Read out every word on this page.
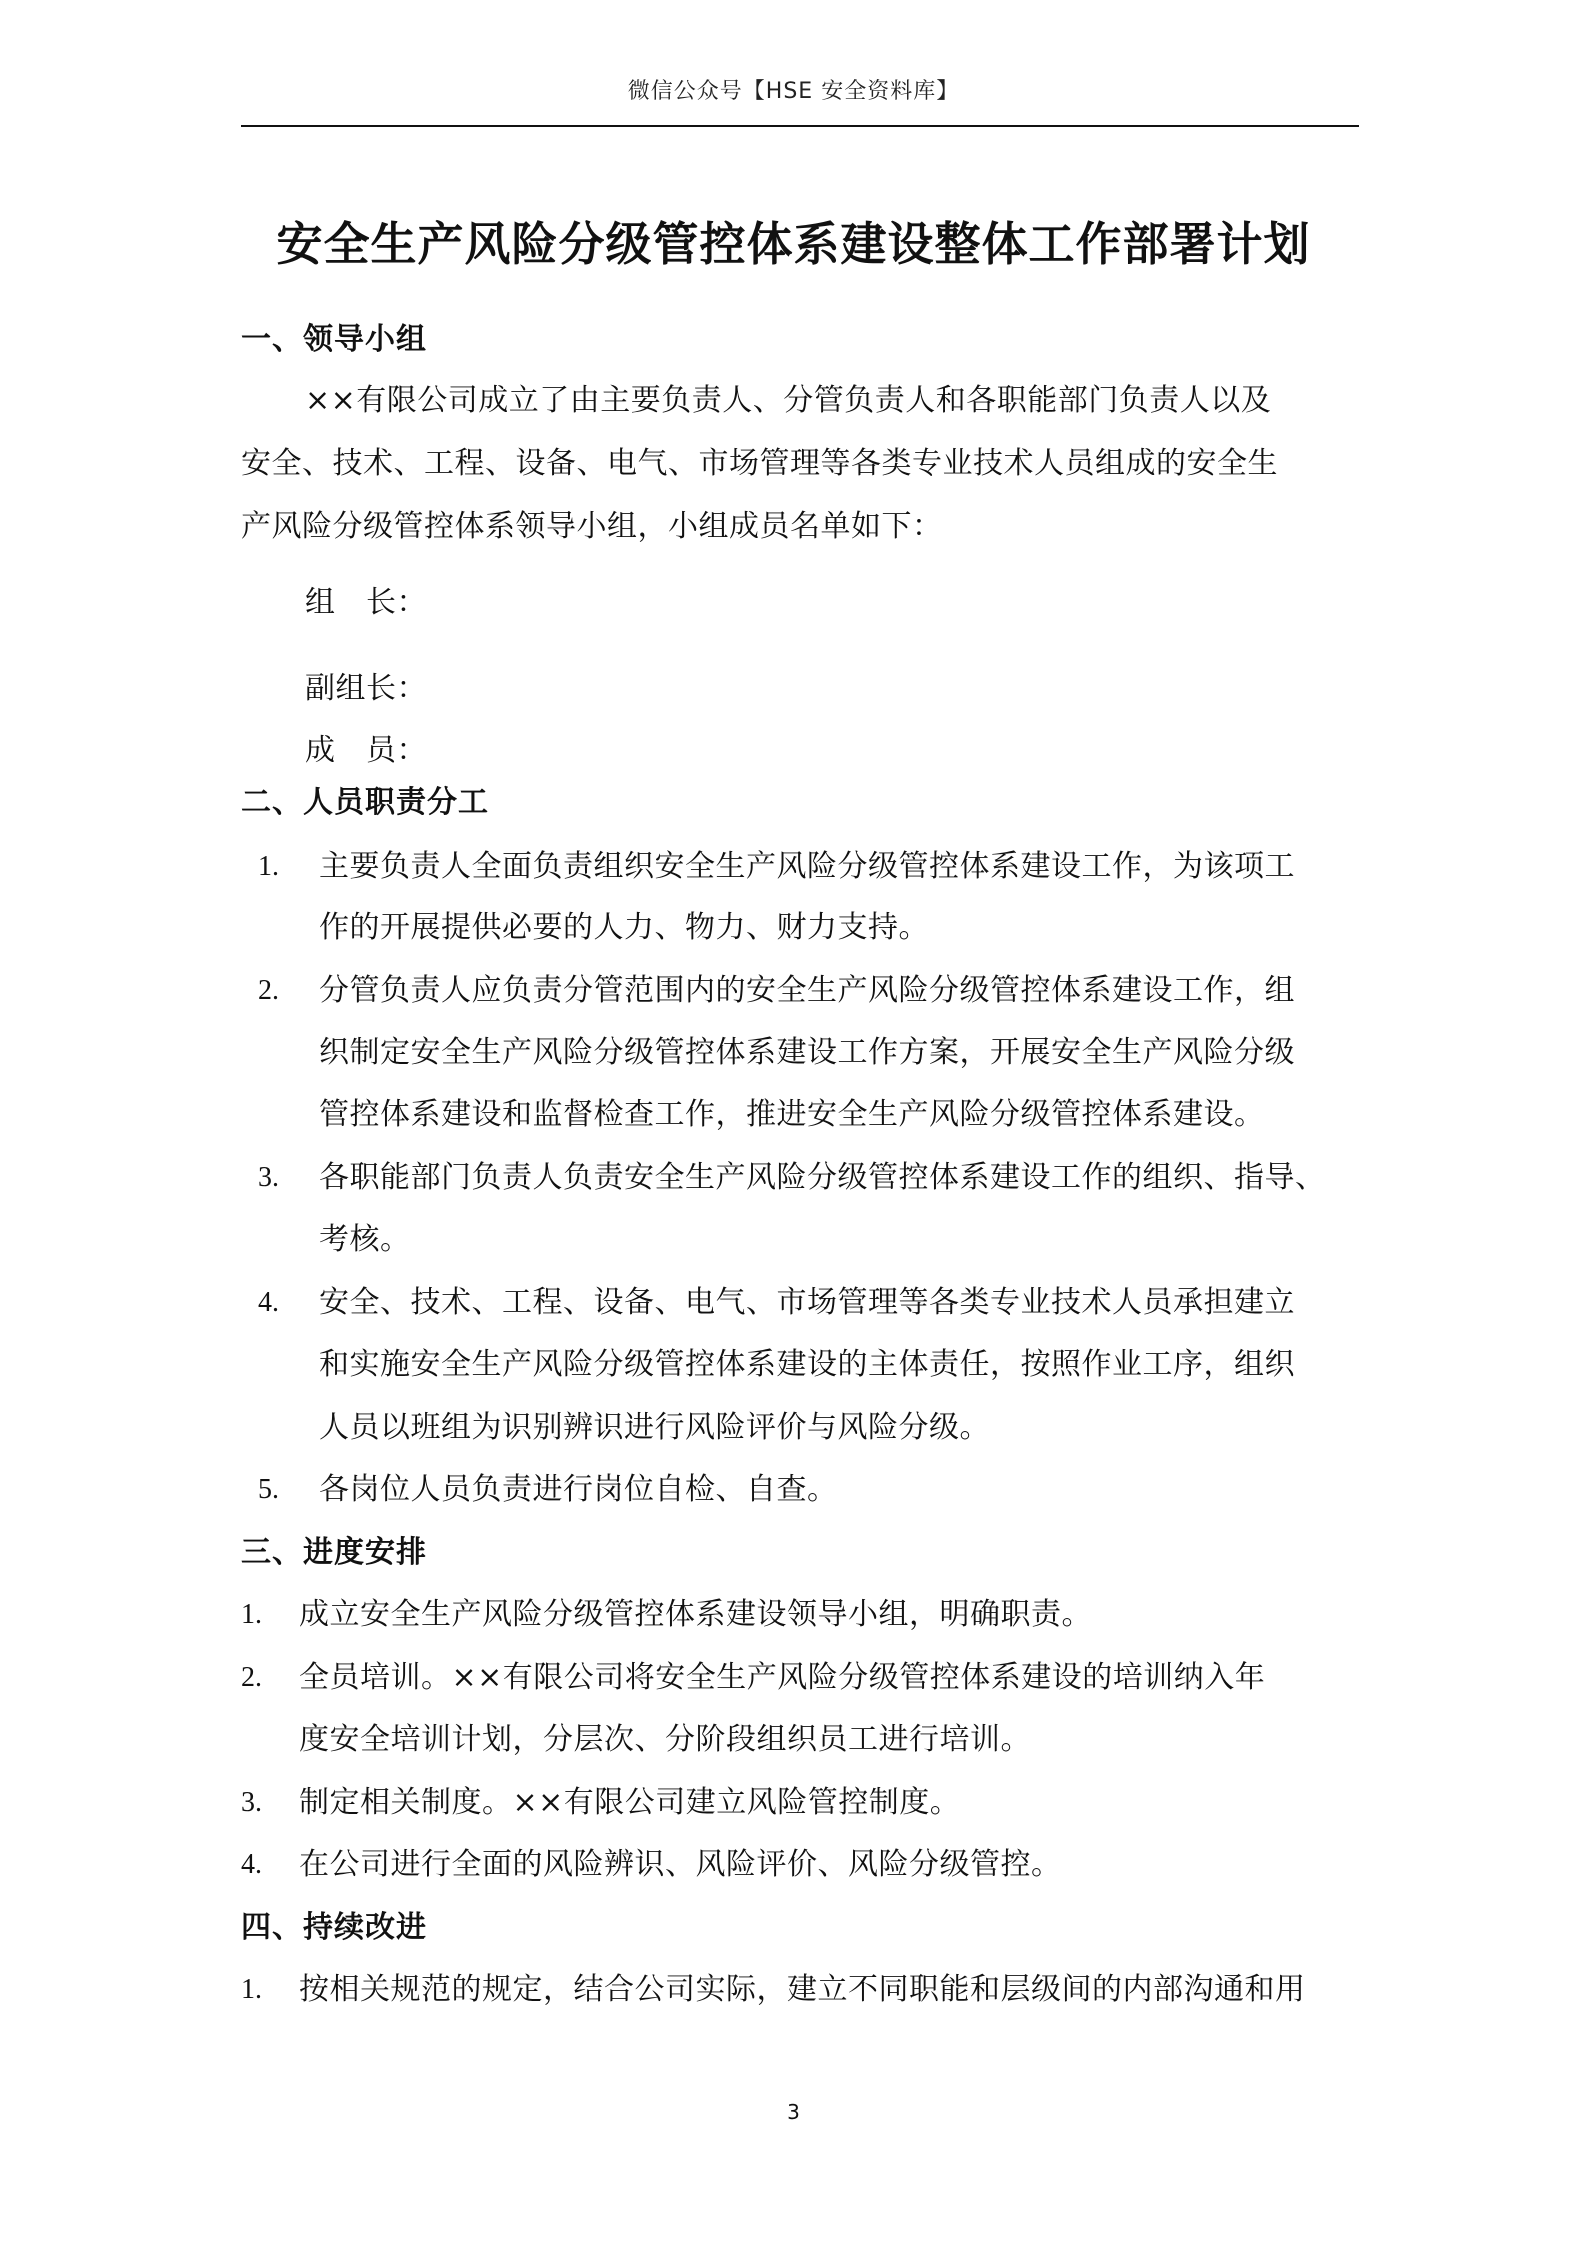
微信公众号【HSE 安全资料库】
安全生产风险分级管控体系建设整体工作部署计划
一、领导小组
××有限公司成立了由主要负责人、分管负责人和各职能部门负责人以及
安全、技术、工程、设备、电气、市场管理等各类专业技术人员组成的安全生
产风险分级管控体系领导小组，小组成员名单如下：
组　长：
副组长：
成　员：
二、人员职责分工
1. 主要负责人全面负责组织安全生产风险分级管控体系建设工作，为该项工
作的开展提供必要的人力、物力、财力支持。
2. 分管负责人应负责分管范围内的安全生产风险分级管控体系建设工作，组
织制定安全生产风险分级管控体系建设工作方案，开展安全生产风险分级
管控体系建设和监督检查工作，推进安全生产风险分级管控体系建设。
3. 各职能部门负责人负责安全生产风险分级管控体系建设工作的组织、指导、
考核。
4. 安全、技术、工程、设备、电气、市场管理等各类专业技术人员承担建立
和实施安全生产风险分级管控体系建设的主体责任，按照作业工序，组织
人员以班组为识别辨识进行风险评价与风险分级。
5. 各岗位人员负责进行岗位自检、自查。
三、进度安排
1. 成立安全生产风险分级管控体系建设领导小组，明确职责。
2. 全员培训。××有限公司将安全生产风险分级管控体系建设的培训纳入年
度安全培训计划，分层次、分阶段组织员工进行培训。
3. 制定相关制度。××有限公司建立风险管控制度。
4. 在公司进行全面的风险辨识、风险评价、风险分级管控。
四、持续改进
1. 按相关规范的规定，结合公司实际，建立不同职能和层级间的内部沟通和用
3
